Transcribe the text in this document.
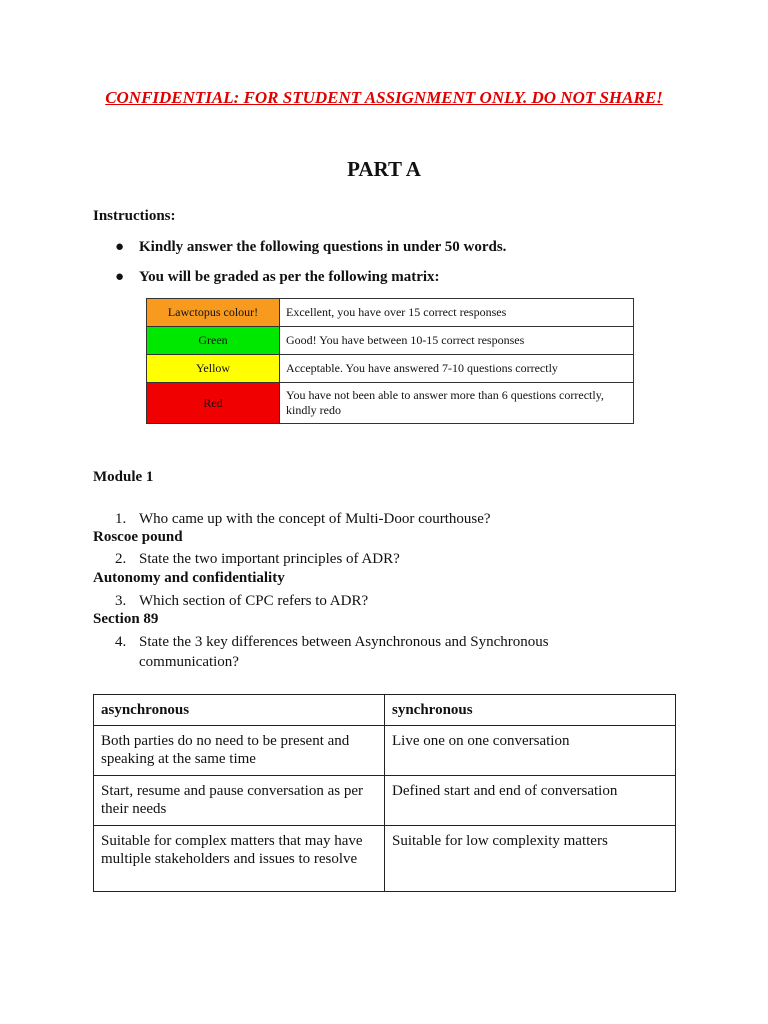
CONFIDENTIAL: FOR STUDENT ASSIGNMENT ONLY. DO NOT SHARE!
PART A
Instructions:
● Kindly answer the following questions in under 50 words.
● You will be graded as per the following matrix:
Lawctopus colour!	Excellent, you have over 15 correct responses
Green	Good! You have between 10-15 correct responses
Yellow	Acceptable. You have answered 7-10 questions correctly
Red	You have not been able to answer more than 6 questions correctly, kindly redo
Module 1
1. Who came up with the concept of Multi-Door courthouse?
Roscoe pound
2. State the two important principles of ADR?
Autonomy and confidentiality
3. Which section of CPC refers to ADR?
Section 89
4. State the 3 key differences between Asynchronous and Synchronous communication?
asynchronous	synchronous
Both parties do no need to be present and speaking at the same time	Live one on one conversation
Start, resume and pause conversation as per their needs	Defined start and end of conversation
Suitable for complex matters that may have multiple stakeholders and issues to resolve	Suitable for low complexity matters
